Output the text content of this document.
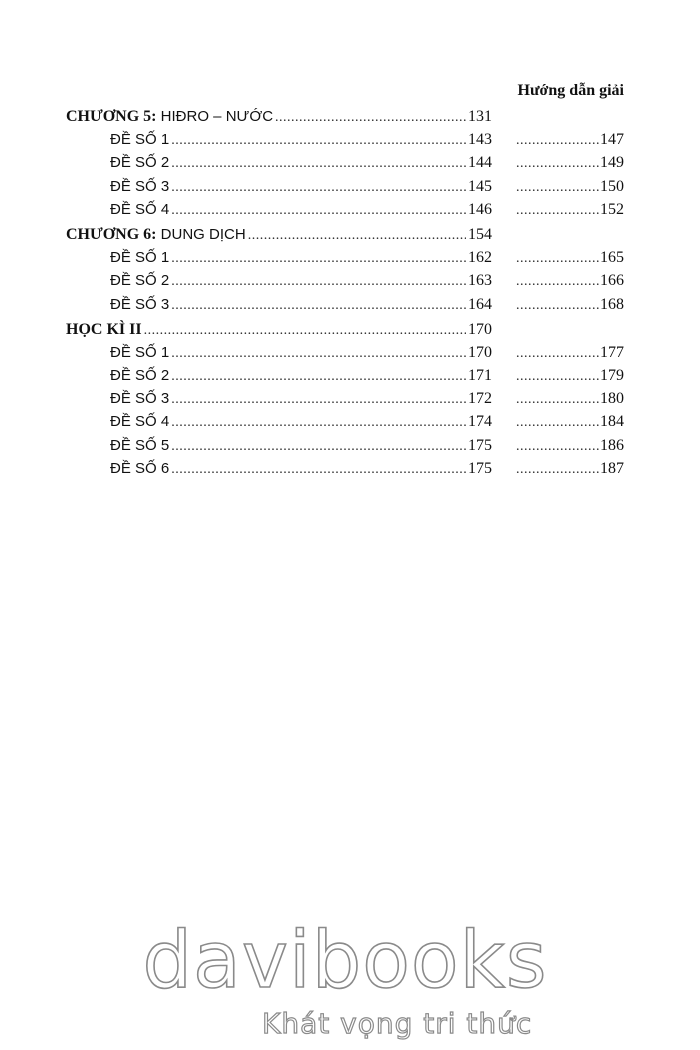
Hướng dẫn giải
CHƯƠNG 5: HIĐRO – NƯỚC .....	131
ĐỀ SỐ 1 .....	143 .....	147
ĐỀ SỐ 2 .....	144 .....	149
ĐỀ SỐ 3 .....	145 .....	150
ĐỀ SỐ 4 .....	146 .....	152
CHƯƠNG 6: DUNG DỊCH .....	154
ĐỀ SỐ 1 .....	162 .....	165
ĐỀ SỐ 2 .....	163 .....	166
ĐỀ SỐ 3 .....	164 .....	168
HỌC KÌ II .....	170
ĐỀ SỐ 1 .....	170 .....	177
ĐỀ SỐ 2 .....	171 .....	179
ĐỀ SỐ 3 .....	172 .....	180
ĐỀ SỐ 4 .....	174 .....	184
ĐỀ SỐ 5 .....	175 .....	186
ĐỀ SỐ 6 .....	175 .....	187
davibooks
Khát vọng tri thức
